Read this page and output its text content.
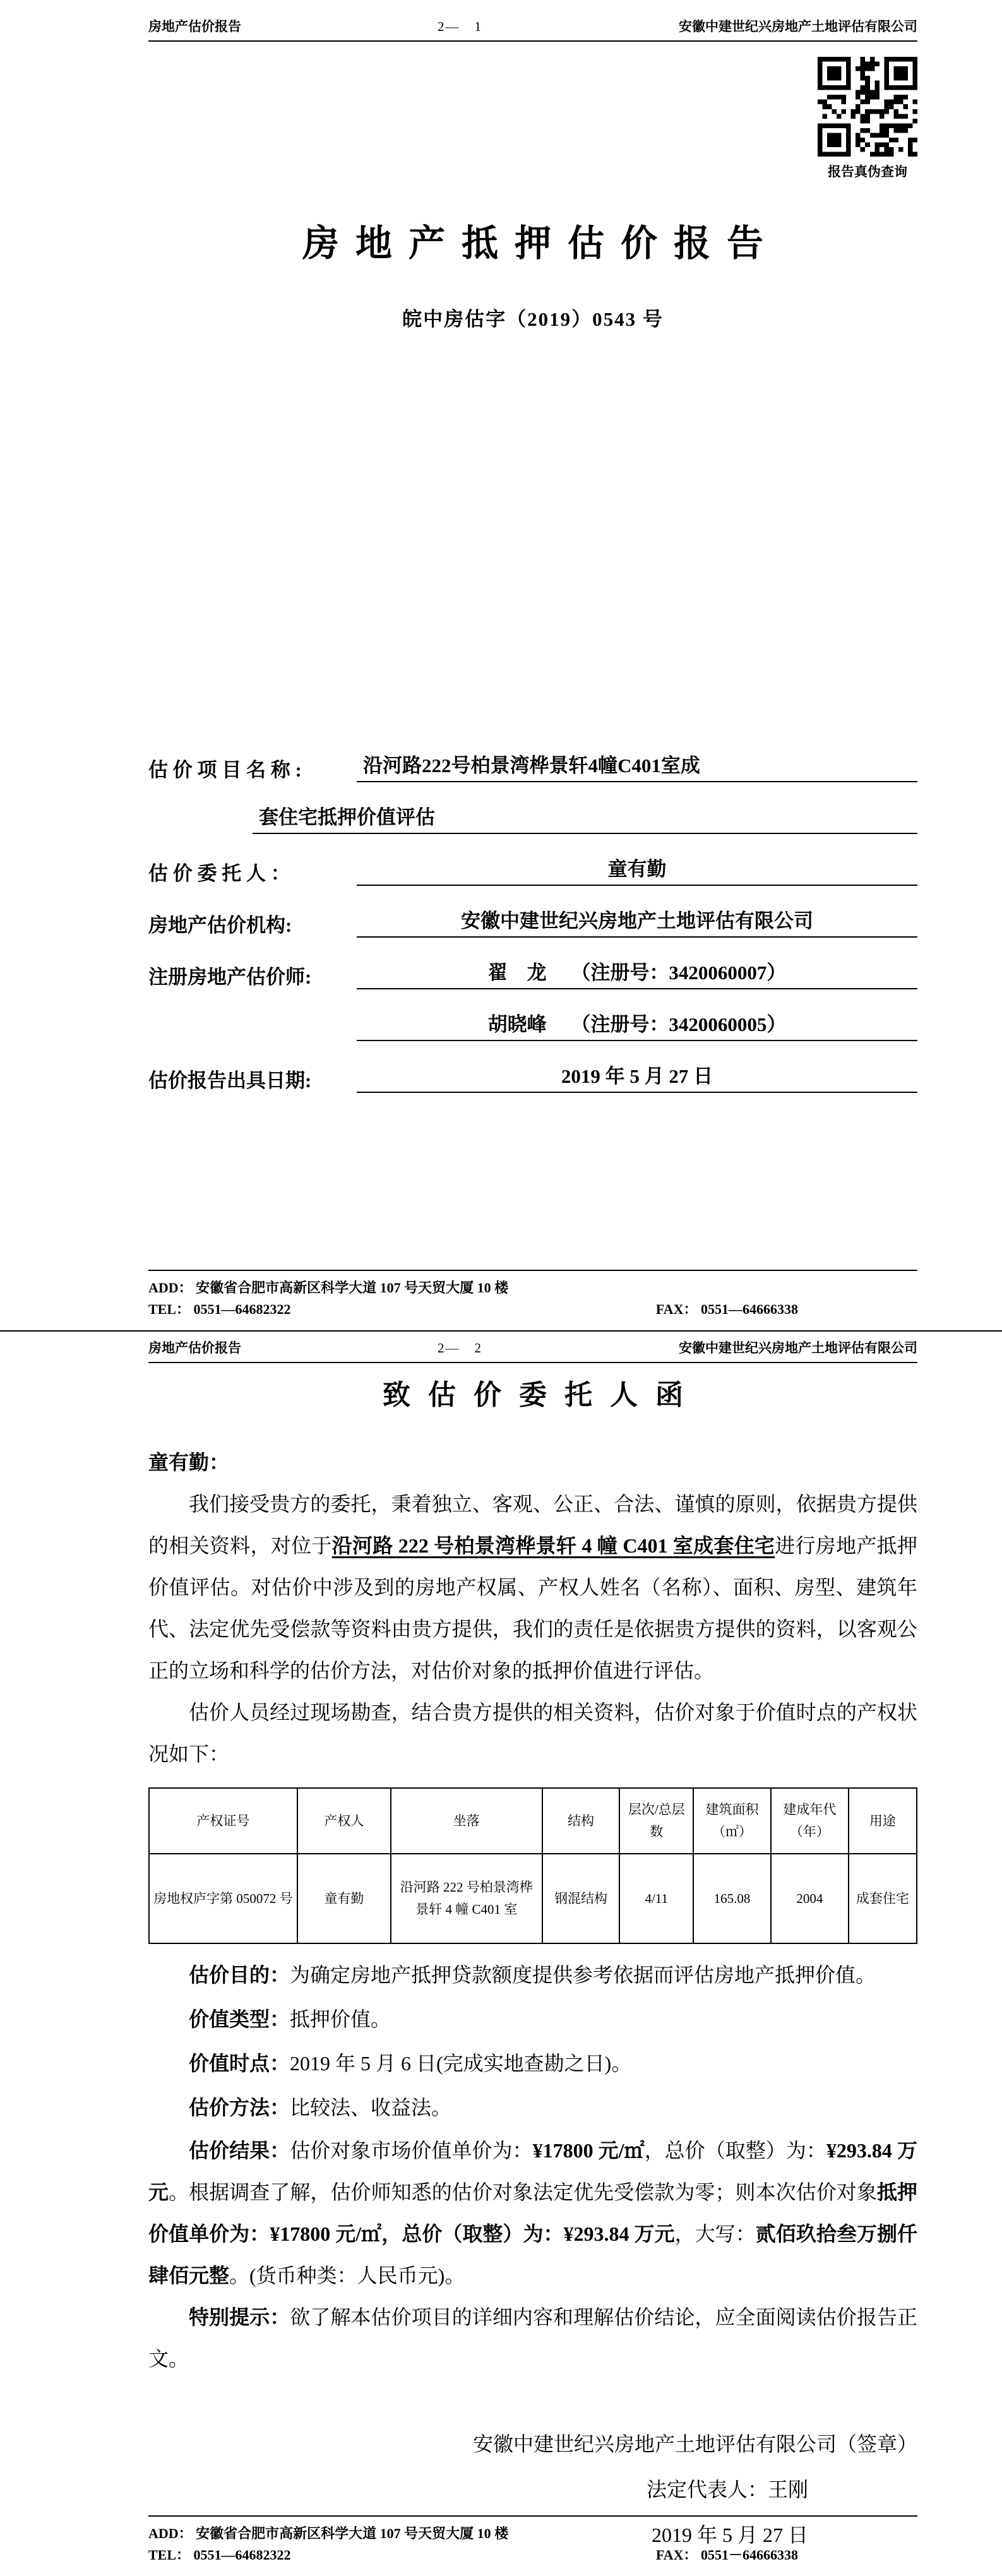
房地产估价报告	2—　1	安徽中建世纪兴房地产土地评估有限公司
报告真伪查询
房地产抵押估价报告
皖中房估字（2019）0543 号
估 价 项 目 名 称 :	沿河路222号柏景湾桦景轩4幢C401室成
套住宅抵押价值评估
估 价 委 托 人 ：	童有勤
房地产估价机构:	安徽中建世纪兴房地产土地评估有限公司
注册房地产估价师:	翟　龙　 （注册号：3420060007）
胡晓峰　 （注册号：3420060005）
估价报告出具日期:	2019 年 5 月 27 日
ADD： 安徽省合肥市高新区科学大道 107 号天贸大厦 10 楼
TEL： 0551—64682322	FAX： 0551—64666338
房地产估价报告	2—　2	安徽中建世纪兴房地产土地评估有限公司
致估价委托人函
童有勤：

我们接受贵方的委托，秉着独立、客观、公正、合法、谨慎的原则，依据贵方提供的相关资料，对位于沿河路 222 号柏景湾桦景轩 4 幢 C401 室成套住宅进行房地产抵押价值评估。对估价中涉及到的房地产权属、产权人姓名（名称）、面积、房型、建筑年代、法定优先受偿款等资料由贵方提供，我们的责任是依据贵方提供的资料，以客观公正的立场和科学的估价方法，对估价对象的抵押价值进行评估。

估价人员经过现场勘查，结合贵方提供的相关资料，估价对象于价值时点的产权状况如下：

产权证号	产权人	坐落	结构	层次/总层数	建筑面积（㎡）	建成年代（年）	用途
房地权庐字第 050072 号	童有勤	沿河路 222 号柏景湾桦景轩 4 幢 C401 室	钢混结构	4/11	165.08	2004	成套住宅

估价目的：为确定房地产抵押贷款额度提供参考依据而评估房地产抵押价值。

价值类型：抵押价值。

价值时点：2019 年 5 月 6 日(完成实地查勘之日)。

估价方法：比较法、收益法。

估价结果：估价对象市场价值单价为：¥17800 元/㎡，总价（取整）为：¥293.84 万元。根据调查了解，估价师知悉的估价对象法定优先受偿款为零；则本次估价对象抵押价值单价为：¥17800 元/㎡，总价（取整）为：¥293.84 万元，大写：贰佰玖拾叁万捌仟肆佰元整。(货币种类：人民币元)。

特别提示：欲了解本估价项目的详细内容和理解估价结论，应全面阅读估价报告正文。

安徽中建世纪兴房地产土地评估有限公司（签章）
法定代表人：王刚
2019 年 5 月 27 日
ADD： 安徽省合肥市高新区科学大道 107 号天贸大厦 10 楼
TEL： 0551—64682322	FAX： 0551－64666338
